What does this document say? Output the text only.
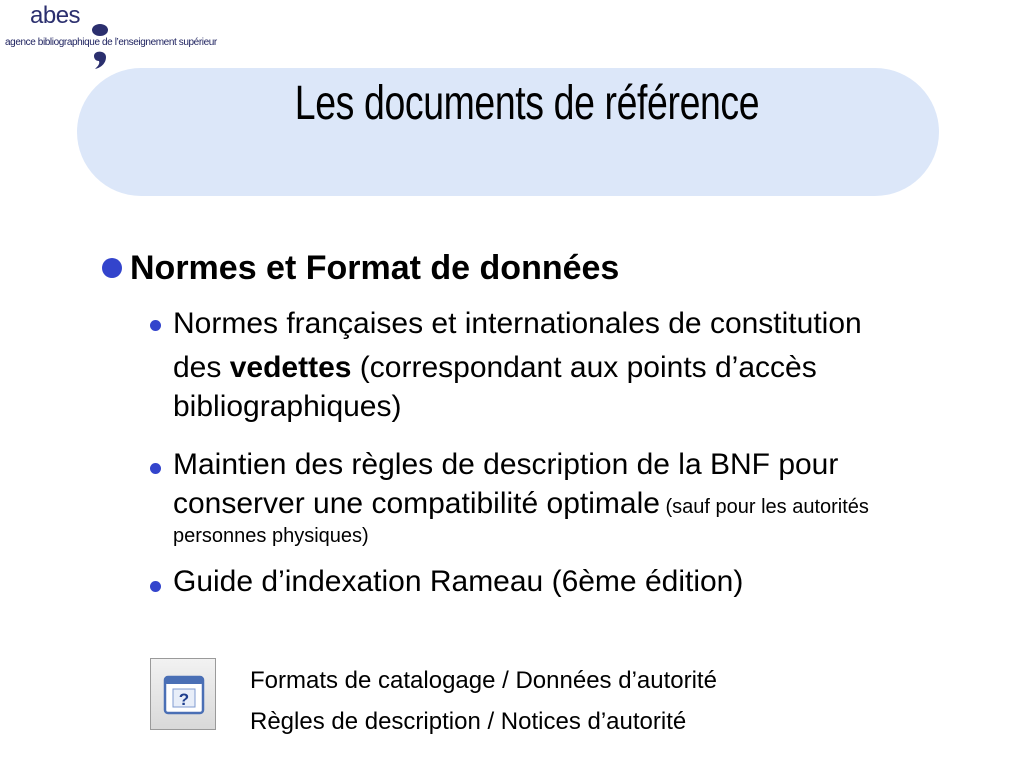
abes
agence bibliographique de l’enseignement supérieur
Les documents de référence
Normes et Format de données
Normes françaises et internationales de constitution
des vedettes (correspondant aux points d’accès
bibliographiques)
Maintien des règles de description de la BNF pour
conserver une compatibilité optimale (sauf pour les autorités
personnes physiques)
Guide d’indexation Rameau (6ème édition)
?
Formats de catalogage / Données d’autorité
Règles de description / Notices d’autorité
